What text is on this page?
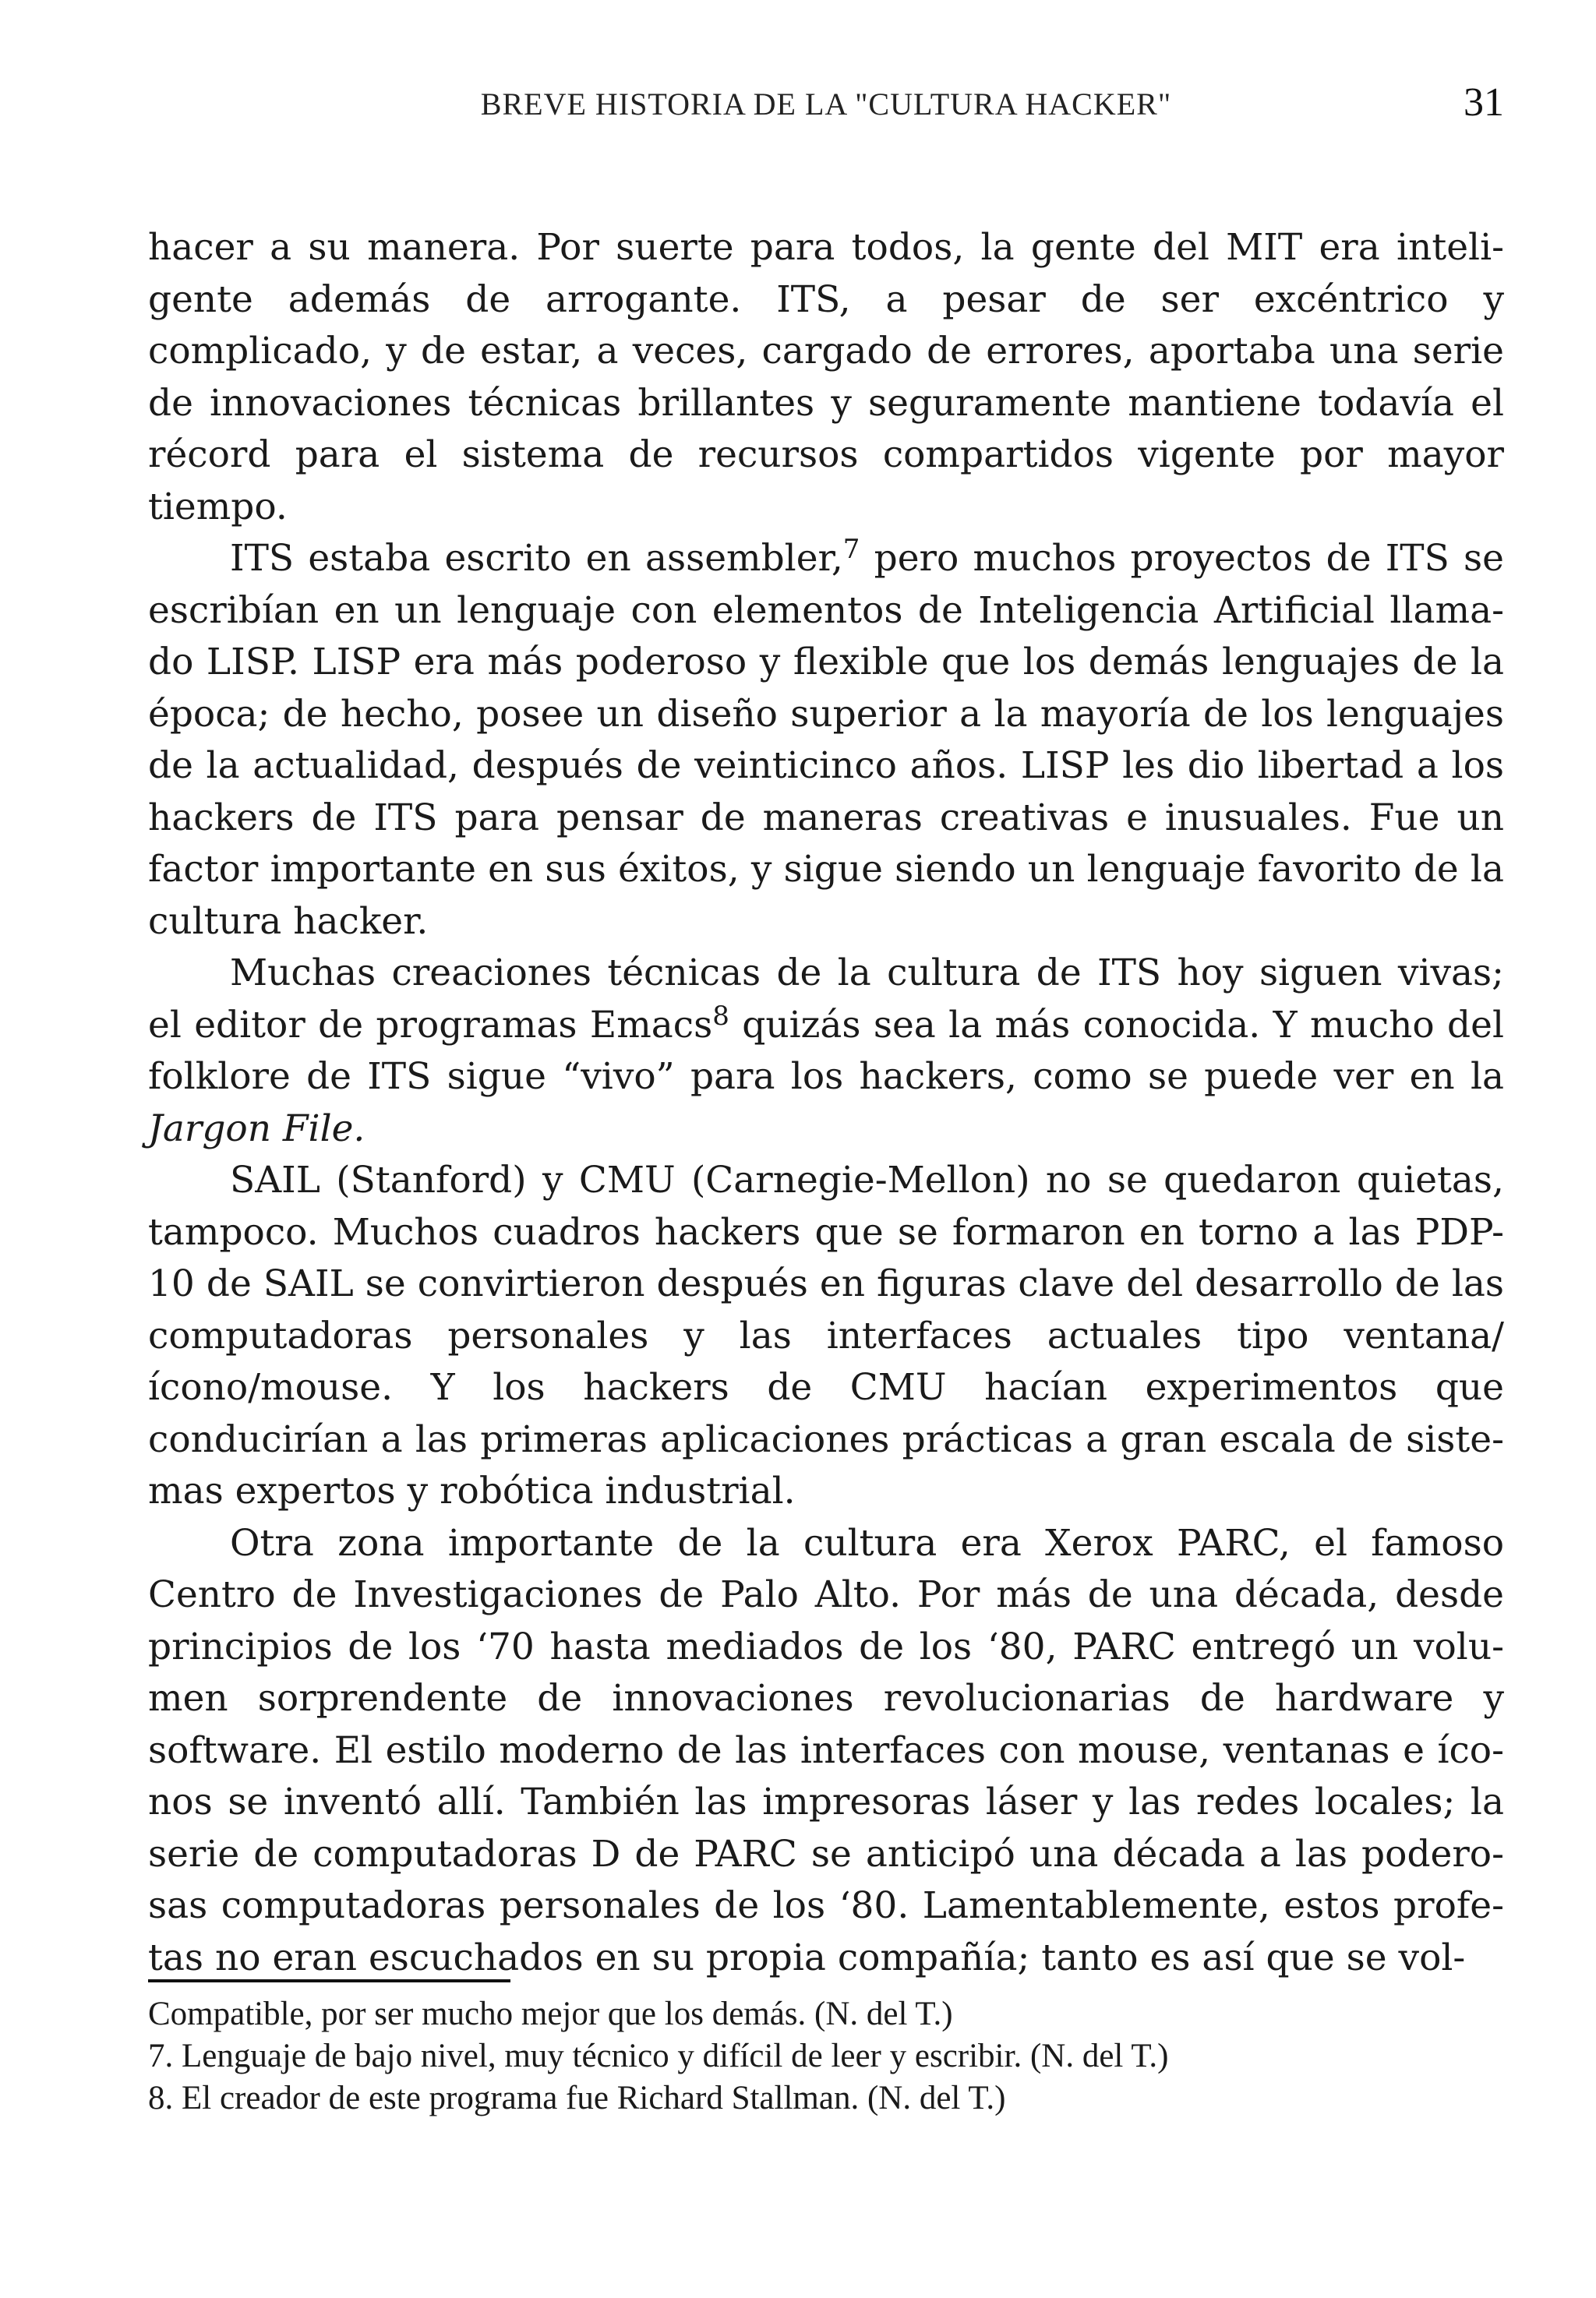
BREVE HISTORIA DE LA "CULTURA HACKER"	31

hacer a su manera. Por suerte para todos, la gente del MIT era inteligente además de arrogante. ITS, a pesar de ser excéntrico y complicado, y de estar, a veces, cargado de errores, aportaba una serie de innovaciones técnicas brillantes y seguramente mantiene todavía el récord para el sistema de recursos compartidos vigente por mayor tiempo.

ITS estaba escrito en assembler,$^7$ pero muchos proyectos de ITS se escribían en un lenguaje con elementos de Inteligencia Artificial llamado LISP. LISP era más poderoso y flexible que los demás lenguajes de la época; de hecho, posee un diseño superior a la mayoría de los lenguajes de la actualidad, después de veinticinco años. LISP les dio libertad a los hackers de ITS para pensar de maneras creativas e inusuales. Fue un factor importante en sus éxitos, y sigue siendo un lenguaje favorito de la cultura hacker.

Muchas creaciones técnicas de la cultura de ITS hoy siguen vivas; el editor de programas Emacs$^8$ quizás sea la más conocida. Y mucho del folklore de ITS sigue “vivo” para los hackers, como se puede ver en la Jargon File.

SAIL (Stanford) y CMU (Carnegie-Mellon) no se quedaron quietas, tampoco. Muchos cuadros hackers que se formaron en torno a las PDP-10 de SAIL se convirtieron después en figuras clave del desarrollo de las computadoras personales y las interfaces actuales tipo ventana/ícono/mouse. Y los hackers de CMU hacían experimentos que conducirían a las primeras aplicaciones prácticas a gran escala de sistemas expertos y robótica industrial.

Otra zona importante de la cultura era Xerox PARC, el famoso Centro de Investigaciones de Palo Alto. Por más de una década, desde principios de los ‘70 hasta mediados de los ‘80, PARC entregó un volumen sorprendente de innovaciones revolucionarias de hardware y software. El estilo moderno de las interfaces con mouse, ventanas e íconos se inventó allí. También las impresoras láser y las redes locales; la serie de computadoras D de PARC se anticipó una década a las poderosas computadoras personales de los ‘80. Lamentablemente, estos profetas no eran escuchados en su propia compañía; tanto es así que se vol-

Compatible, por ser mucho mejor que los demás. (N. del T.)
7. Lenguaje de bajo nivel, muy técnico y difícil de leer y escribir. (N. del T.)
8. El creador de este programa fue Richard Stallman. (N. del T.)
